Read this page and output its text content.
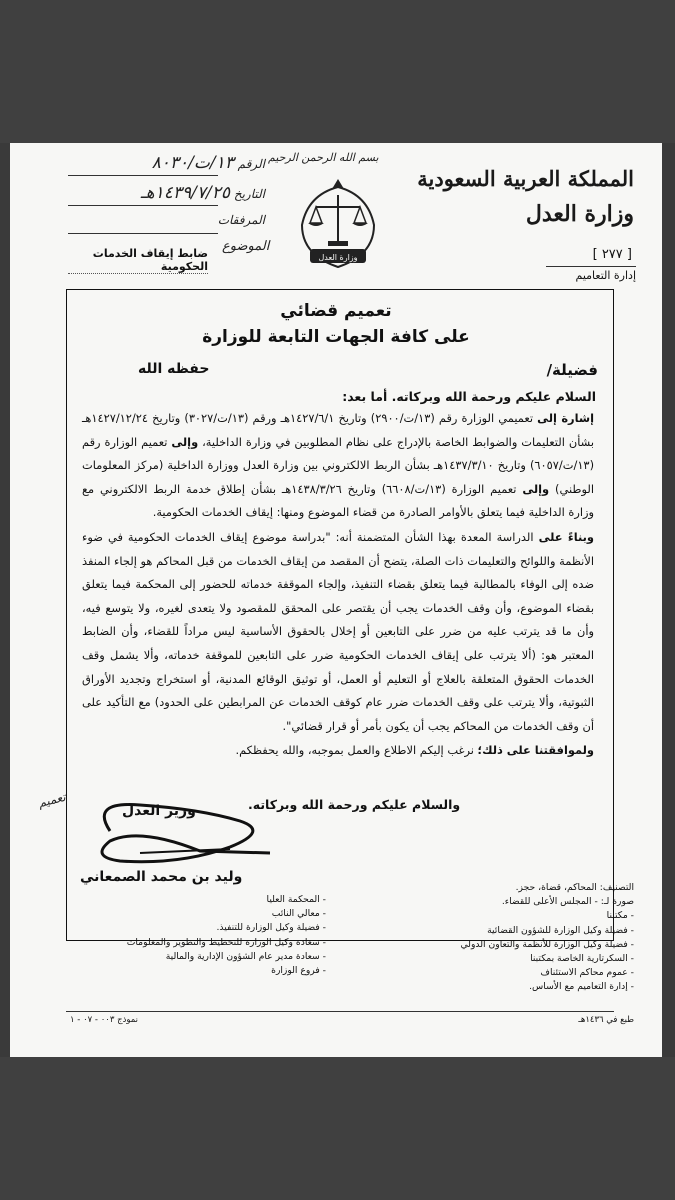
بسم الله الرحمن الرحيم
المملكة العربية السعودية
وزارة العدل
[ ٢٧٧ ]
إدارة التعاميم
وزارة العدل
الرقم ١٣/ت/٨٠٣٠
التاريخ ١٤٣٩/٧/٢٥هـ
المرفقات
الموضوع
ضابط إيقاف الخدمات الحكومية
تعميم قضائي
على كافة الجهات التابعة للوزارة
فضيلة/
حفظه الله
السلام عليكم ورحمة الله وبركاته. أما بعد:

إشارة إلى تعميمي الوزارة رقم (١٣/ت/٢٩٠٠) وتاريخ ١٤٢٧/٦/١هـ ورقم (١٣/ت/٣٠٢٧) وتاريخ ١٤٢٧/١٢/٢٤هـ بشأن التعليمات والضوابط الخاصة بالإدراج على نظام المطلوبين في وزارة الداخلية، وإلى تعميم الوزارة رقم (١٣/ت/٦٠٥٧) وتاريخ ١٤٣٧/٣/١٠هـ بشأن الربط الالكتروني بين وزارة العدل ووزارة الداخلية (مركز المعلومات الوطني) وإلى تعميم الوزارة (١٣/ت/٦٦٠٨) وتاريخ ١٤٣٨/٣/٢٦هـ بشأن إطلاق خدمة الربط الالكتروني مع وزارة الداخلية فيما يتعلق بالأوامر الصادرة من قضاء الموضوع ومنها: إيقاف الخدمات الحكومية.

وبناءً على الدراسة المعدة بهذا الشأن المتضمنة أنه: "بدراسة موضوع إيقاف الخدمات الحكومية في ضوء الأنظمة واللوائح والتعليمات ذات الصلة، يتضح أن المقصد من إيقاف الخدمات من قبل المحاكم هو إلجاء المنفذ ضده إلى الوفاء بالمطالبة فيما يتعلق بقضاء التنفيذ، وإلجاء الموقفة خدماته للحضور إلى المحكمة فيما يتعلق بقضاء الموضوع، وأن وقف الخدمات يجب أن يقتصر على المحقق للمقصود ولا يتعدى لغيره، ولا يتوسع فيه، وأن ما قد يترتب عليه من ضرر على التابعين أو إخلال بالحقوق الأساسية ليس مراداً للقضاء، وأن الضابط المعتبر هو: (ألا يترتب على إيقاف الخدمات الحكومية ضرر على التابعين للموقفة خدماته، وألا يشمل وقف الخدمات الحقوق المتعلقة بالعلاج أو التعليم أو العمل، أو توثيق الوقائع المدنية، أو استخراج وتجديد الأوراق الثبوتية، وألا يترتب على وقف الخدمات ضرر عام كوقف الخدمات عن المرابطين على الحدود) مع التأكيد على أن وقف الخدمات من المحاكم يجب أن يكون بأمر أو قرار قضائي".

ولموافقتنا على ذلك؛ نرغب إليكم الاطلاع والعمل بموجبه، والله يحفظكم.

تعميم	والسلام عليكم ورحمة الله وبركاته.
وزير العدل
وليد بن محمد الصمعاني
التصنيف: المحاكم، قضاة، حجز.
صورة لـ: - المجلس الأعلى للقضاء.
- مكتبنا
- فضيلة وكيل الوزارة للشؤون القضائية
- فضيلة وكيل الوزارة للأنظمة والتعاون الدولي
- السكرتارية الخاصة بمكتبنا
- عموم محاكم الاستئناف
- إدارة التعاميم مع الأساس.
- المحكمة العليا
- معالي النائب
- فضيلة وكيل الوزارة للتنفيذ.
- سعادة وكيل الوزارة للتخطيط والتطوير والمعلومات
- سعادة مدير عام الشؤون الإدارية والمالية
- فروع الوزارة
نموذج ٠٠٣ - ٠٧ - ١	طبع في ١٤٣٦هـ
